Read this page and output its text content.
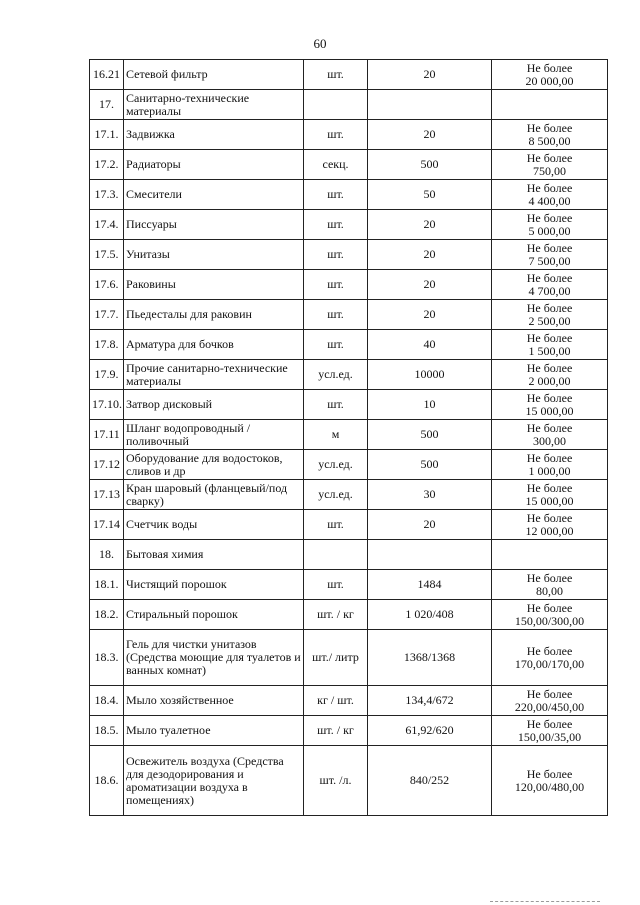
60
16.21	Сетевой фильтр	шт.	20	Не более
20 000,00

17.	Санитарно-технические материалы			
17.1.	Задвижка	шт.	20	Не более
8 500,00

17.2.	Радиаторы	секц.	500	Не более
750,00

17.3.	Смесители	шт.	50	Не более
4 400,00

17.4.	Писсуары	шт.	20	Не более
5 000,00

17.5.	Унитазы	шт.	20	Не более
7 500,00

17.6.	Раковины	шт.	20	Не более
4 700,00

17.7.	Пьедесталы для раковин	шт.	20	Не более
2 500,00

17.8.	Арматура для бочков	шт.	40	Не более
1 500,00

17.9.	Прочие санитарно-технические материалы	усл.ед.	10000	Не более
2 000,00

17.10.	Затвор дисковый	шт.	10	Не более
15 000,00

17.11	Шланг водопроводный /поливочный	м	500	Не более
300,00

17.12	Оборудование для водостоков, сливов и др	усл.ед.	500	Не более
1 000,00

17.13	Кран шаровый (фланцевый/под сварку)	усл.ед.	30	Не более
15 000,00

17.14	Счетчик воды	шт.	20	Не более
12 000,00

18.	Бытовая химия			
18.1.	Чистящий порошок	шт.	1484	Не более
80,00

18.2.	Стиральный порошок	шт. / кг	1 020/408	Не более
150,00/300,00

18.3.	Гель для чистки унитазов (Средства моющие для туалетов и ванных комнат)	шт./ литр	1368/1368	Не более
170,00/170,00

18.4.	Мыло хозяйственное	кг / шт.	134,4/672	Не более
220,00/450,00

18.5.	Мыло туалетное	шт. / кг	61,92/620	Не более
150,00/35,00

18.6.	Освежитель воздуха (Средства для дезодорирования и ароматизации воздуха в помещениях)	шт. /л.	840/252	Не более
120,00/480,00
